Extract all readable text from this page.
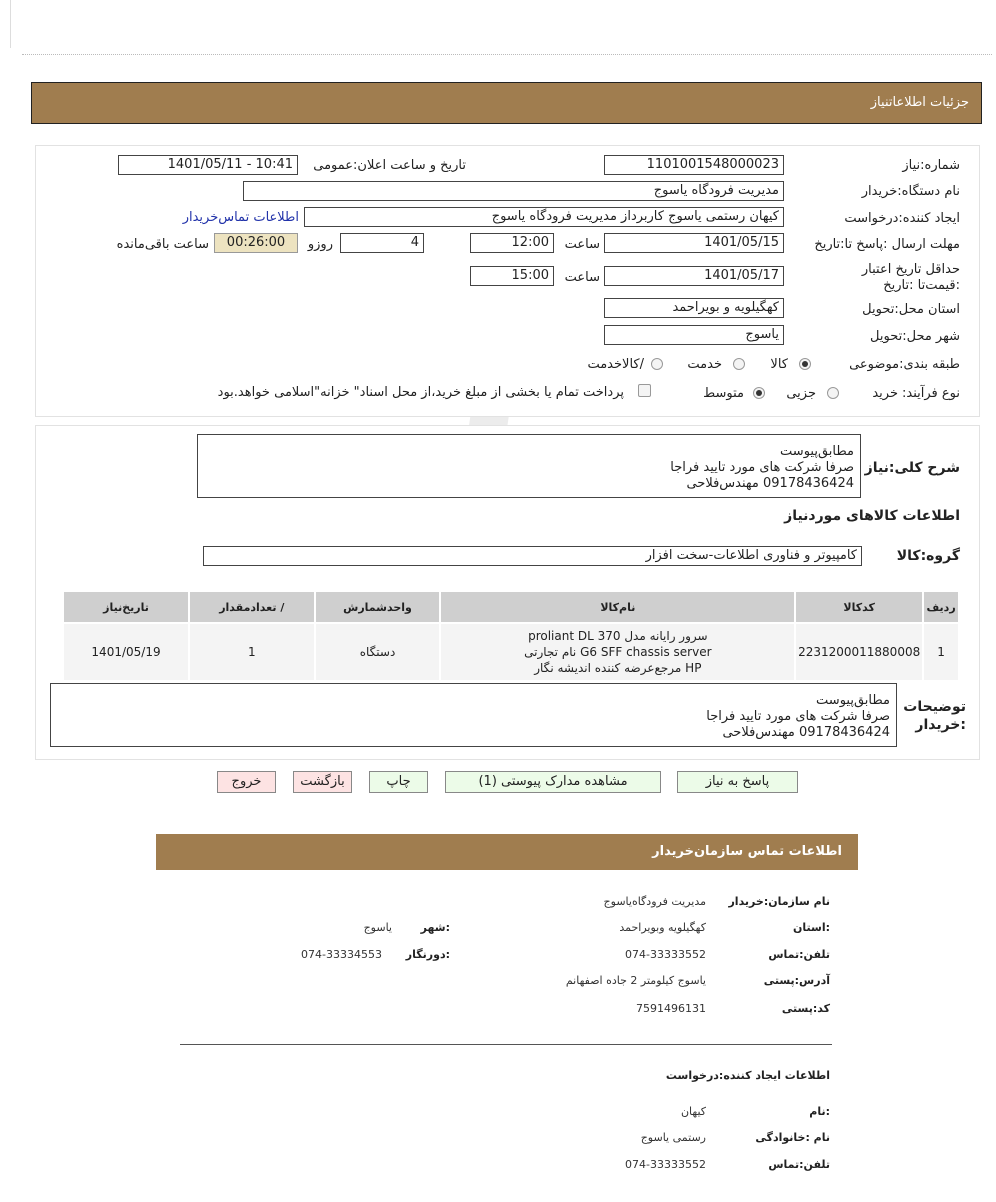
جزئیات اطلاعاتنیاز
شماره:نیاز
1101001548000023
تاریخ و ساعت اعلان:عمومی
1401/05/11 - 10:41
نام دستگاه:خریدار
مدیریت فرودگاه یاسوج
ایجاد کننده:درخواست
کیهان رستمی یاسوج کاربرداز مدیریت فرودگاه یاسوج
اطلاعات تماس‌خریدار
مهلت ارسال :پاسخ تا:تاریخ
1401/05/15
ساعت
12:00
4
روزو
00:26:00
ساعت باقی‌مانده
حداقل تاریخ اعتبار :قیمت‌تا :تاریخ
1401/05/17
ساعت
15:00
استان محل:تحویل
کهگیلویه و بویراحمد
شهر محل:تحویل
یاسوج
طبقه بندی:موضوعی
کالا
خدمت
/کالاخدمت
نوع فرآیند:
خرید
جزیی
متوسط
پرداخت تمام یا بخشی از مبلغ خرید،از محل اسناد" خزانه"اسلامی خواهد.بود
شرح کلی:نیاز
مطابق‌پیوست
صرفا شرکت های مورد تایید فراجا
09178436424 مهندس‌فلاحی
اطلاعات کالاهای موردنیاز
گروه:کالا
کامپیوتر و فناوری اطلاعات-سخت افزار
ردیف	کدکالا	نام‌کالا	واحدشمارش	/ تعدادمقدار	تاریخ‌نیاز
1	2231200011880008	سرور رایانه مدل proliant DL 370
G6 SFF chassis server نام تجارتی
HP مرجع‌عرضه کننده اندیشه نگار	دستگاه	1	1401/05/19
توضیحات :خریدار
مطابق‌پیوست
صرفا شرکت های مورد تایید فراجا
09178436424 مهندس‌فلاحی
پاسخ به نیاز
مشاهده مدارک پیوستی (1)
چاپ
بازگشت
خروج
اطلاعات تماس سازمان‌خریدار
نام سازمان:خریدار
مدیریت فرودگاه‌یاسوج
:استان
کهگیلویه وبویراحمد
:شهر
یاسوج
تلفن:تماس
074-33333552
:دورنگار
074-33334553
آدرس:پستی
یاسوج کیلومتر 2 جاده اصفهانم
کد:پستی
7591496131
اطلاعات ایجاد کننده:درخواست
:نام
کیهان
نام :خانوادگی
رستمی یاسوج
تلفن:تماس
074-33333552
